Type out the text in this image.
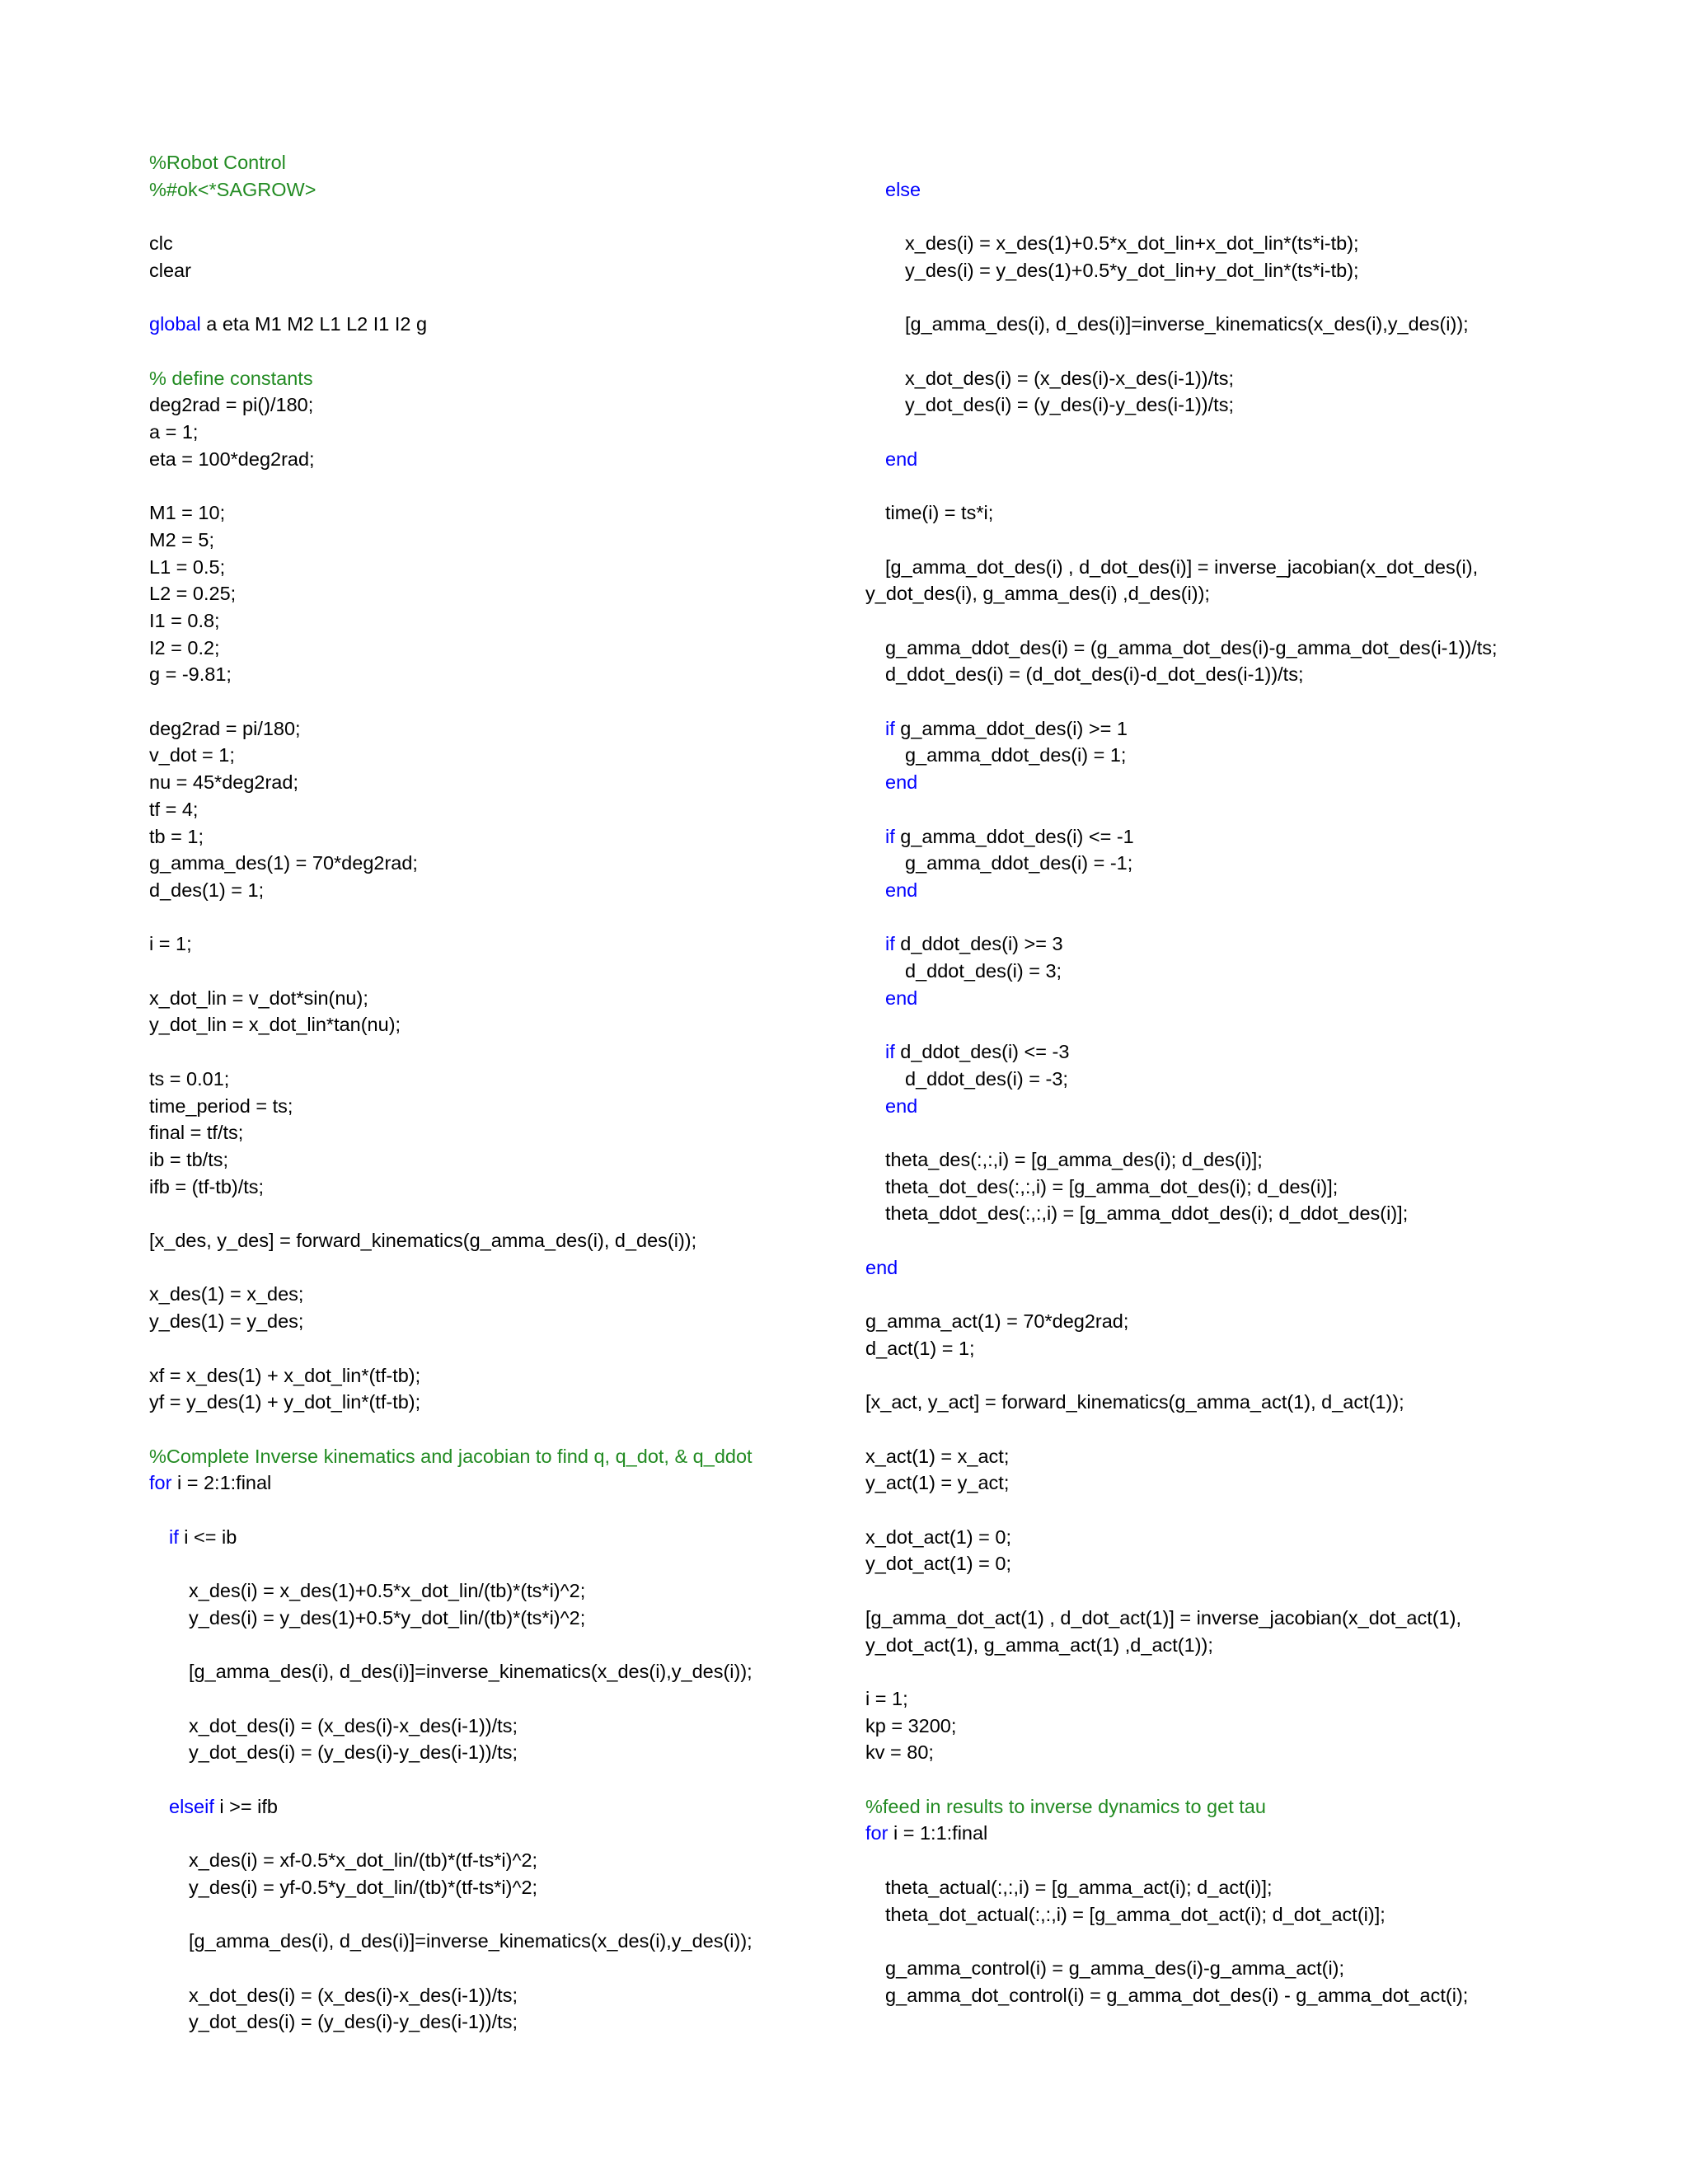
%Robot Control
%#ok<*SAGROW>
clc
clear
global a eta M1 M2 L1 L2 I1 I2 g
% define constants
deg2rad = pi()/180;
a = 1;
eta = 100*deg2rad;
M1 = 10;
M2 = 5;
L1 = 0.5;
L2 = 0.25;
I1 = 0.8;
I2 = 0.2;
g = -9.81;
deg2rad = pi/180;
v_dot = 1;
nu = 45*deg2rad;
tf = 4;
tb = 1;
g_amma_des(1) = 70*deg2rad;
d_des(1) = 1;
i = 1;
x_dot_lin = v_dot*sin(nu);
y_dot_lin = x_dot_lin*tan(nu);
ts = 0.01;
time_period = ts;
final = tf/ts;
ib = tb/ts;
ifb = (tf-tb)/ts;
[x_des, y_des] = forward_kinematics(g_amma_des(i), d_des(i));
x_des(1) = x_des;
y_des(1) = y_des;
xf = x_des(1) + x_dot_lin*(tf-tb);
yf = y_des(1) + y_dot_lin*(tf-tb);
%Complete Inverse kinematics and jacobian to find q, q_dot, & q_ddot
for i = 2:1:final
if i <= ib
x_des(i) = x_des(1)+0.5*x_dot_lin/(tb)*(ts*i)^2;
y_des(i) = y_des(1)+0.5*y_dot_lin/(tb)*(ts*i)^2;
[g_amma_des(i), d_des(i)]=inverse_kinematics(x_des(i),y_des(i));
x_dot_des(i) = (x_des(i)-x_des(i-1))/ts;
y_dot_des(i) = (y_des(i)-y_des(i-1))/ts;
elseif i >= ifb
x_des(i) = xf-0.5*x_dot_lin/(tb)*(tf-ts*i)^2;
y_des(i) = yf-0.5*y_dot_lin/(tb)*(tf-ts*i)^2;
[g_amma_des(i), d_des(i)]=inverse_kinematics(x_des(i),y_des(i));
x_dot_des(i) = (x_des(i)-x_des(i-1))/ts;
y_dot_des(i) = (y_des(i)-y_des(i-1))/ts;
else
x_des(i) = x_des(1)+0.5*x_dot_lin+x_dot_lin*(ts*i-tb);
y_des(i) = y_des(1)+0.5*y_dot_lin+y_dot_lin*(ts*i-tb);
[g_amma_des(i), d_des(i)]=inverse_kinematics(x_des(i),y_des(i));
x_dot_des(i) = (x_des(i)-x_des(i-1))/ts;
y_dot_des(i) = (y_des(i)-y_des(i-1))/ts;
end
time(i) = ts*i;
[g_amma_dot_des(i) , d_dot_des(i)] = inverse_jacobian(x_dot_des(i),
y_dot_des(i), g_amma_des(i) ,d_des(i));
g_amma_ddot_des(i) = (g_amma_dot_des(i)-g_amma_dot_des(i-1))/ts;
d_ddot_des(i) = (d_dot_des(i)-d_dot_des(i-1))/ts;
if g_amma_ddot_des(i) >= 1
g_amma_ddot_des(i) = 1;
end
if g_amma_ddot_des(i) <= -1
g_amma_ddot_des(i) = -1;
end
if d_ddot_des(i) >= 3
d_ddot_des(i) = 3;
end
if d_ddot_des(i) <= -3
d_ddot_des(i) = -3;
end
theta_des(:,:,i) = [g_amma_des(i); d_des(i)];
theta_dot_des(:,:,i) = [g_amma_dot_des(i); d_des(i)];
theta_ddot_des(:,:,i) = [g_amma_ddot_des(i); d_ddot_des(i)];
end
g_amma_act(1) = 70*deg2rad;
d_act(1) = 1;
[x_act, y_act] = forward_kinematics(g_amma_act(1), d_act(1));
x_act(1) = x_act;
y_act(1) = y_act;
x_dot_act(1) = 0;
y_dot_act(1) = 0;
[g_amma_dot_act(1) , d_dot_act(1)] = inverse_jacobian(x_dot_act(1),
y_dot_act(1), g_amma_act(1) ,d_act(1));
i = 1;
kp = 3200;
kv = 80;
%feed in results to inverse dynamics to get tau
for i = 1:1:final
theta_actual(:,:,i) = [g_amma_act(i); d_act(i)];
theta_dot_actual(:,:,i) = [g_amma_dot_act(i); d_dot_act(i)];
g_amma_control(i) = g_amma_des(i)-g_amma_act(i);
g_amma_dot_control(i) = g_amma_dot_des(i) - g_amma_dot_act(i);
